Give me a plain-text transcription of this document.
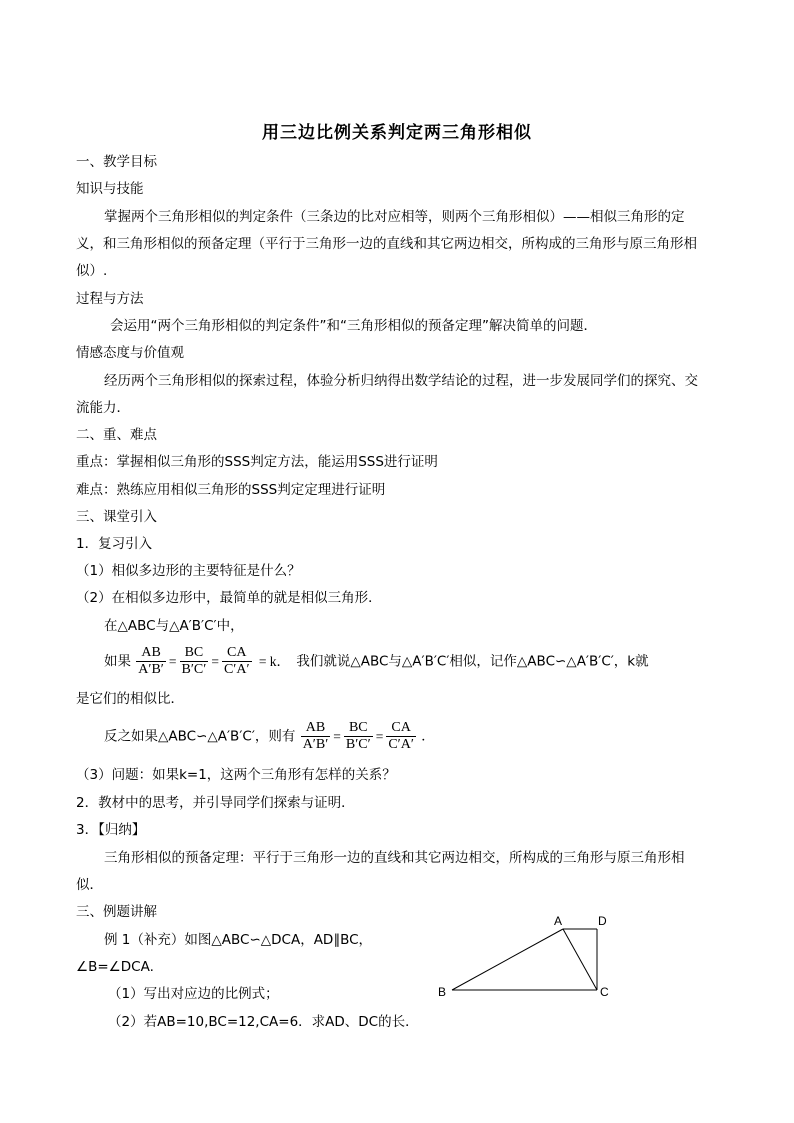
用三边比例关系判定两三角形相似
一、教学目标
知识与技能
掌握两个三角形相似的判定条件（三条边的比对应相等，则两个三角形相似）——相似三角形的定
义，和三角形相似的预备定理（平行于三角形一边的直线和其它两边相交，所构成的三角形与原三角形相
似）.
过程与方法
会运用“两个三角形相似的判定条件”和“三角形相似的预备定理”解决简单的问题．
情感态度与价值观
经历两个三角形相似的探索过程，体验分析归纳得出数学结论的过程，进一步发展同学们的探究、交
流能力．
二、重、难点
重点：掌握相似三角形的SSS判定方法，能运用SSS进行证明
难点：熟练应用相似三角形的SSS判定定理进行证明
三、课堂引入
1．复习引入
（1）相似多边形的主要特征是什么？
（2）在相似多边形中，最简单的就是相似三角形．
在△ABC与△A′B′C′中，
如果 $\frac{AB}{A'B'} = \frac{BC}{B'C'} = \frac{CA}{C'A'} = k$． 我们就说△ABC与△A′B′C′相似，记作△ABC∽△A′B′C′，k就
是它们的相似比．
反之如果△ABC∽△A′B′C′，则有 $\frac{AB}{A'B'} = \frac{BC}{B'C'} = \frac{CA}{C'A'}$ ．
（3）问题：如果k=1，这两个三角形有怎样的关系？
2．教材中的思考，并引导同学们探索与证明．
3．【归纳】
三角形相似的预备定理：平行于三角形一边的直线和其它两边相交，所构成的三角形与原三角形相
似．
三、例题讲解
例 1（补充）如图△ABC∽△DCA，AD∥BC，
∠B=∠DCA.
（1）写出对应边的比例式；
（2）若AB=10,BC=12,CA=6．求AD、DC的长．
A	D
B	C
